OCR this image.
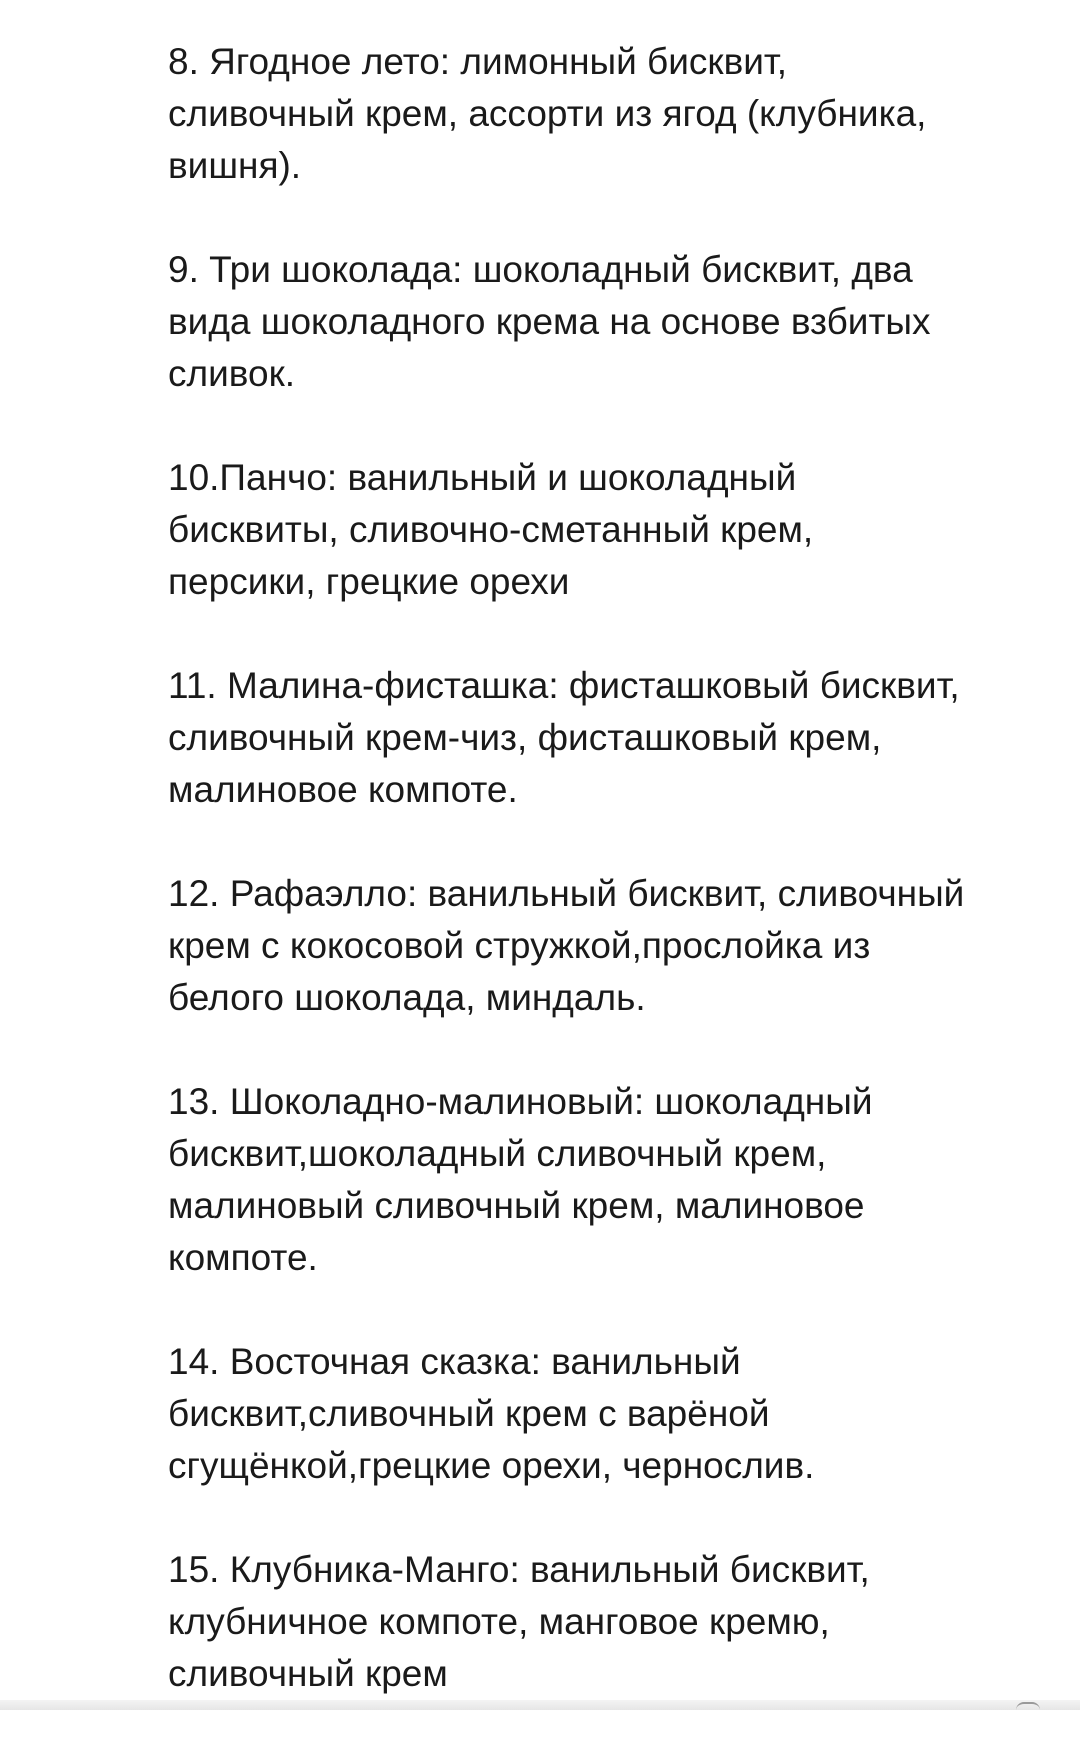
8. Ягодное лето: лимонный бисквит,
сливочный крем, ассорти из ягод (клубника,
вишня).
9. Три шоколада: шоколадный бисквит, два
вида шоколадного крема на основе взбитых
сливок.
10.Панчо: ванильный и шоколадный
бисквиты, сливочно-сметанный крем,
персики, грецкие орехи
11. Малина-фисташка: фисташковый бисквит,
сливочный крем-чиз, фисташковый крем,
малиновое компоте.
12. Рафаэлло: ванильный бисквит, сливочный
крем с кокосовой стружкой,прослойка из
белого шоколада, миндаль.
13. Шоколадно-малиновый: шоколадный
бисквит,шоколадный сливочный крем,
малиновый сливочный крем, малиновое
компоте.
14. Восточная сказка: ванильный
бисквит,сливочный крем с варёной
сгущёнкой,грецкие орехи, чернослив.
15. Клубника-Манго: ванильный бисквит,
клубничное компоте, манговое кремю,
сливочный крем
